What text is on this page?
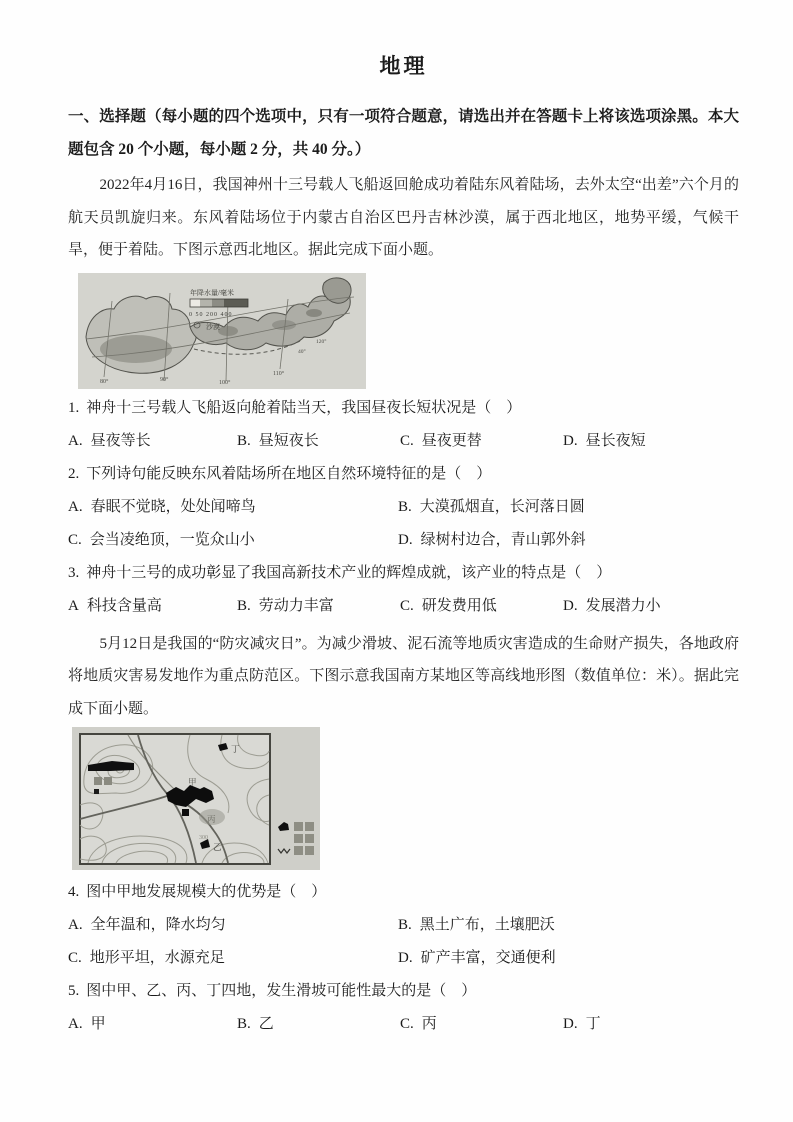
地理

一、选择题（每小题的四个选项中，只有一项符合题意，请选出并在答题卡上将该选项涂黑。本大题包含 20 个小题，每小题 2 分，共 40 分。）

2022年4月16日，我国神州十三号载人飞船返回舱成功着陆东风着陆场，去外太空“出差”六个月的航天员凯旋归来。东风着陆场位于内蒙古自治区巴丹吉林沙漠，属于西北地区，地势平缓，气候干旱，便于着陆。下图示意西北地区。据此完成下面小题。

80°	90°	100°
110°
40°
120°
年降水量/毫米
0 50 200 400
沙漠
1. 神舟十三号载人飞船返向舱着陆当天，我国昼夜长短状况是（　）
A. 昼夜等长	B. 昼短夜长	C. 昼夜更替	D. 昼长夜短
2. 下列诗句能反映东风着陆场所在地区自然环境特征的是（　）
A. 春眠不觉晓，处处闻啼鸟	B. 大漠孤烟直，长河落日圆
C. 会当凌绝顶，一览众山小	D. 绿树村边合，青山郭外斜
3. 神舟十三号的成功彰显了我国高新技术产业的辉煌成就，该产业的特点是（　）
A 科技含量高	B. 劳动力丰富	C. 研发费用低	D. 发展潜力小

5月12日是我国的“防灾减灾日”。为减少滑坡、泥石流等地质灾害造成的生命财产损失，各地政府将地质灾害易发地作为重点防范区。下图示意我国南方某地区等高线地形图（数值单位：米）。据此完成下面小题。

甲
丙
乙
丁
300
4. 图中甲地发展规模大的优势是（　）
A. 全年温和，降水均匀	B. 黑土广布，土壤肥沃
C. 地形平坦，水源充足	D. 矿产丰富，交通便利
5. 图中甲、乙、丙、丁四地，发生滑坡可能性最大的是（　）
A. 甲	B. 乙	C. 丙	D. 丁
